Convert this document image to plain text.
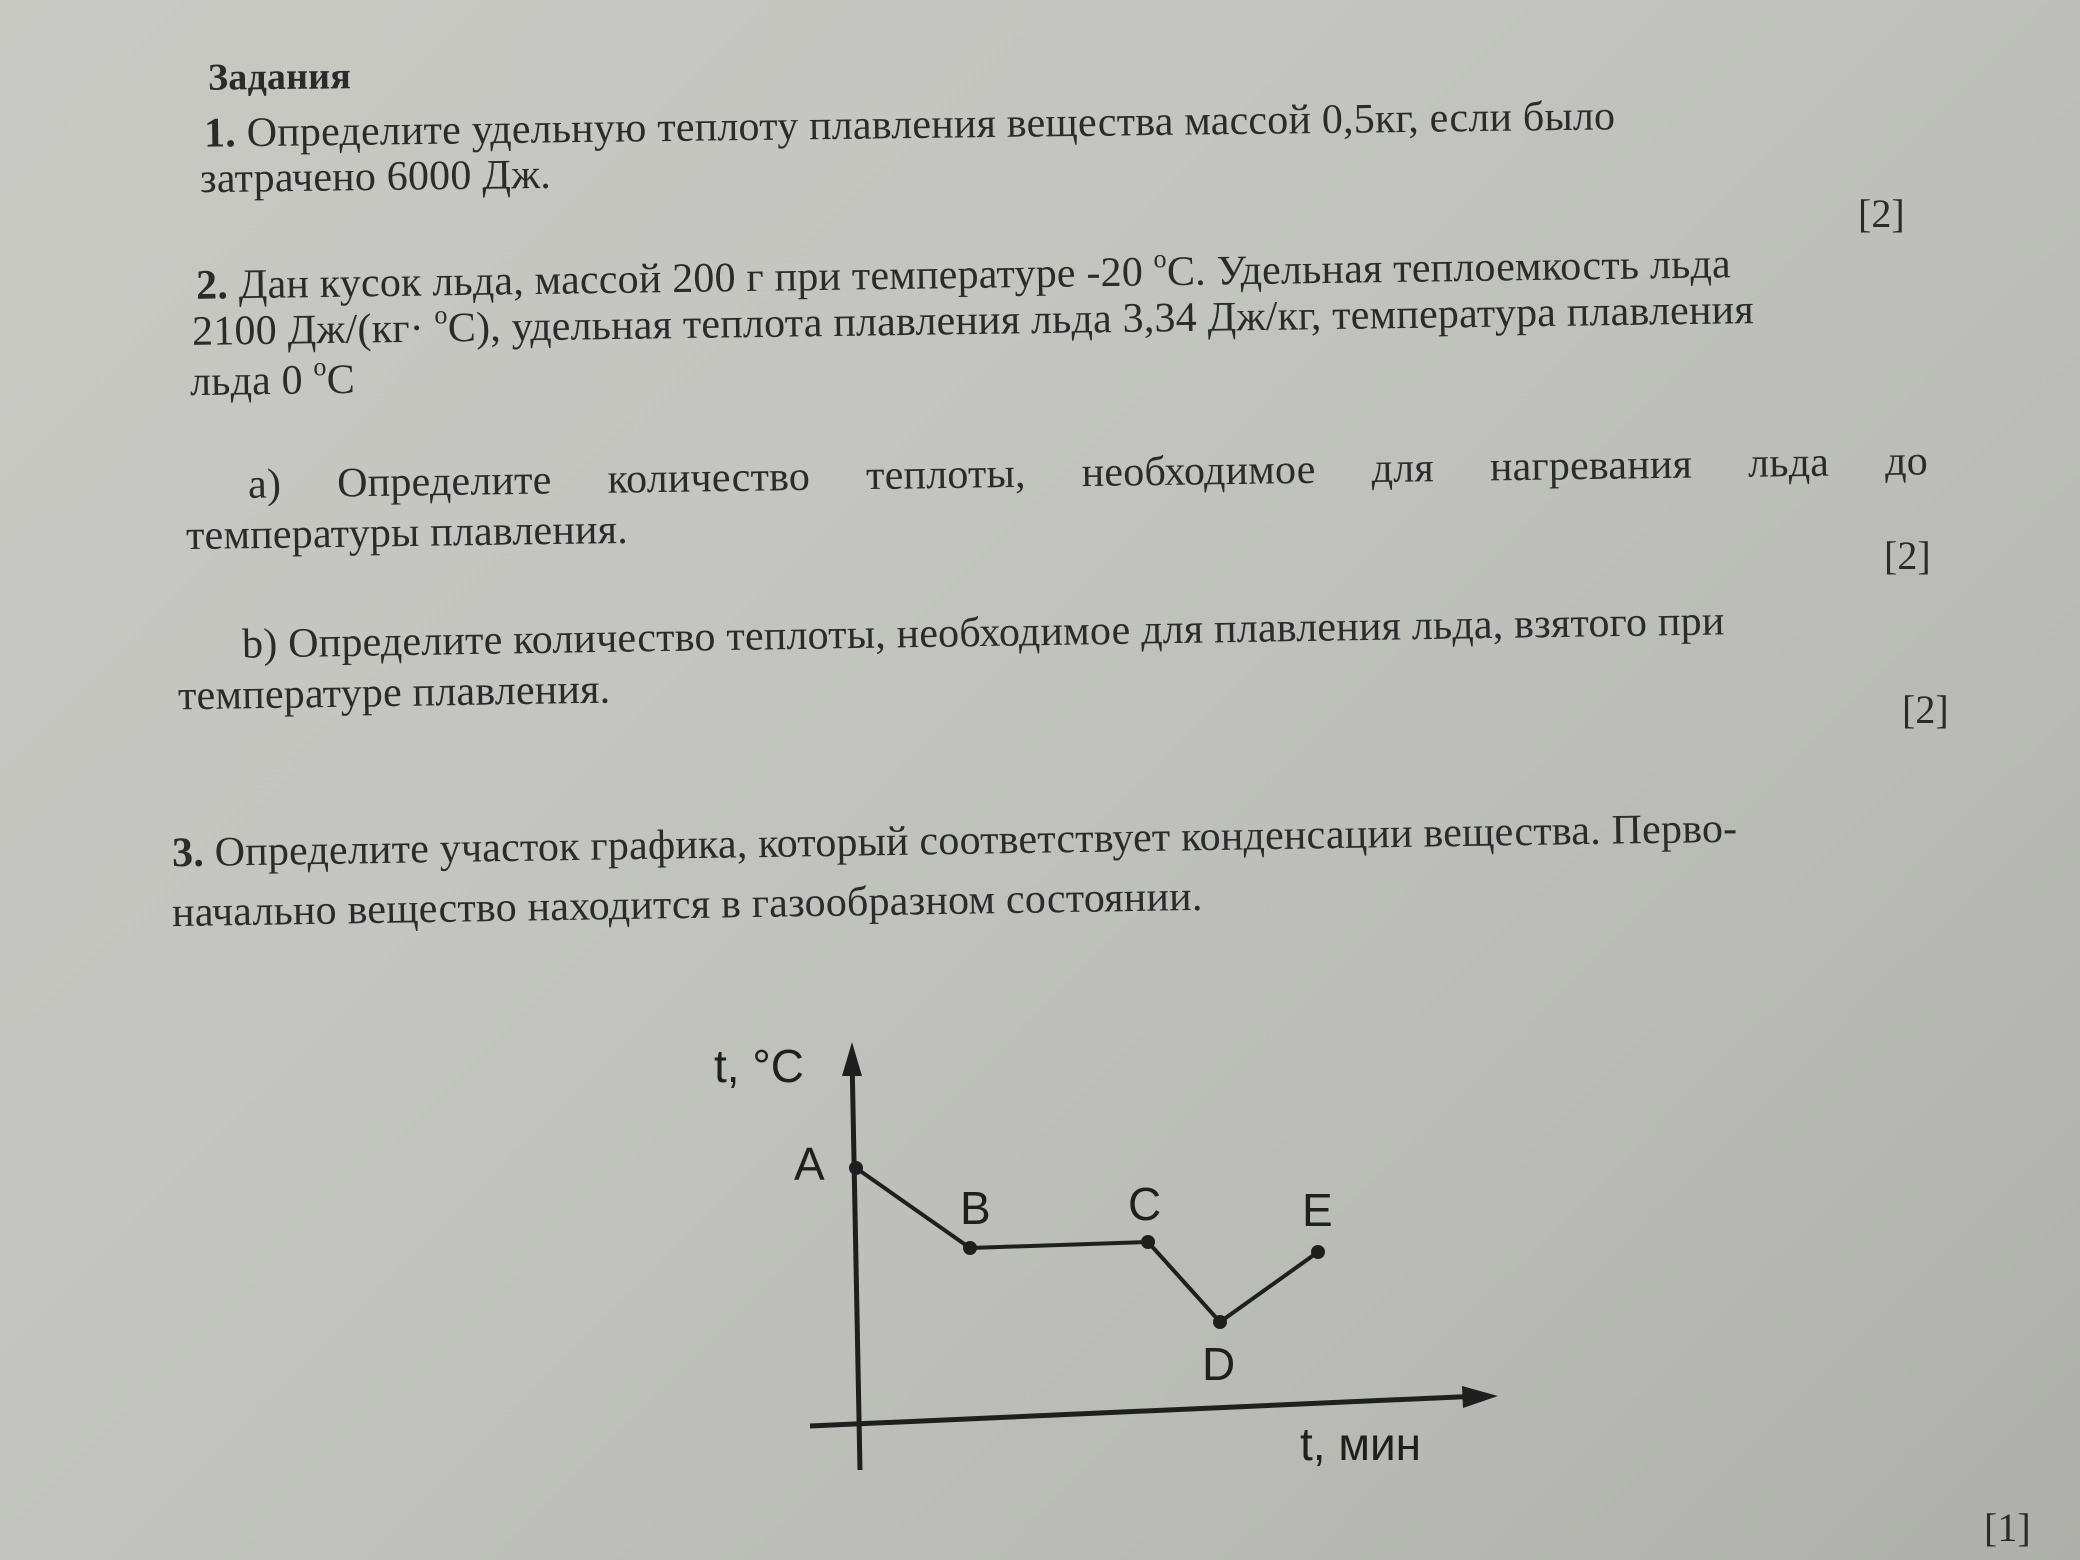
Задания
1. Определите удельную теплоту плавления вещества массой 0,5кг, если было
затрачено 6000 Дж.
[2]
2. Дан кусок льда, массой 200 г при температуре -20 $^o$С. Удельная теплоемкость льда
2100 Дж/(кг· $^o$С), удельная теплота плавления льда 3,34 Дж/кг, температура плавления
льда 0 $^o$С
а) Определите количество теплоты, необходимое для нагревания льда до
температуры плавления.	[2]
b) Определите количество теплоты, необходимое для плавления льда, взятого при
температуре плавления.	[2]
3. Определите участок графика, который соответствует конденсации вещества. Перво-
начально вещество находится в газообразном состоянии.
[1]
t, °C
t, мин
A
B	C
D
E
